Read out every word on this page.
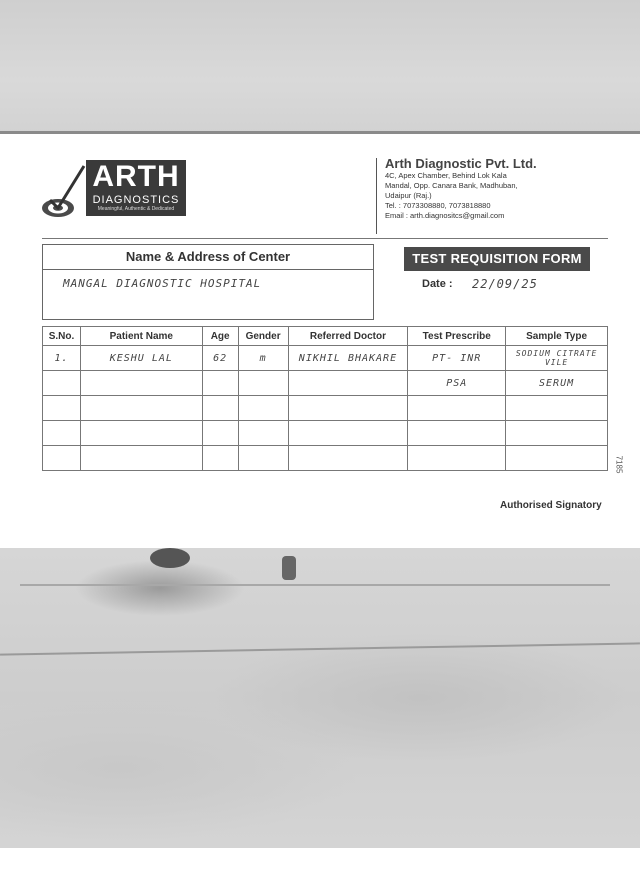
ARTH
DIAGNOSTICS
Meaningful, Authentic & Dedicated
Arth Diagnostic Pvt. Ltd.
4C, Apex Chamber, Behind Lok Kala
Mandal, Opp. Canara Bank, Madhuban,
Udaipur (Raj.)
Tel. : 7073308880, 7073818880
Email : arth.diagnositcs@gmail.com
Name & Address of Center
MANGAL DIAGNOSTIC HOSPITAL
TEST REQUISITION FORM
Date : 22/09/25
S.No.	Patient Name	Age	Gender	Referred Doctor	Test Prescribe	Sample Type
1.	KESHU LAL	62	m	NIKHIL BHAKARE	PT- INR	SODIUM CITRATE VILE
					PSA	SERUM

7185
Authorised Signatory
